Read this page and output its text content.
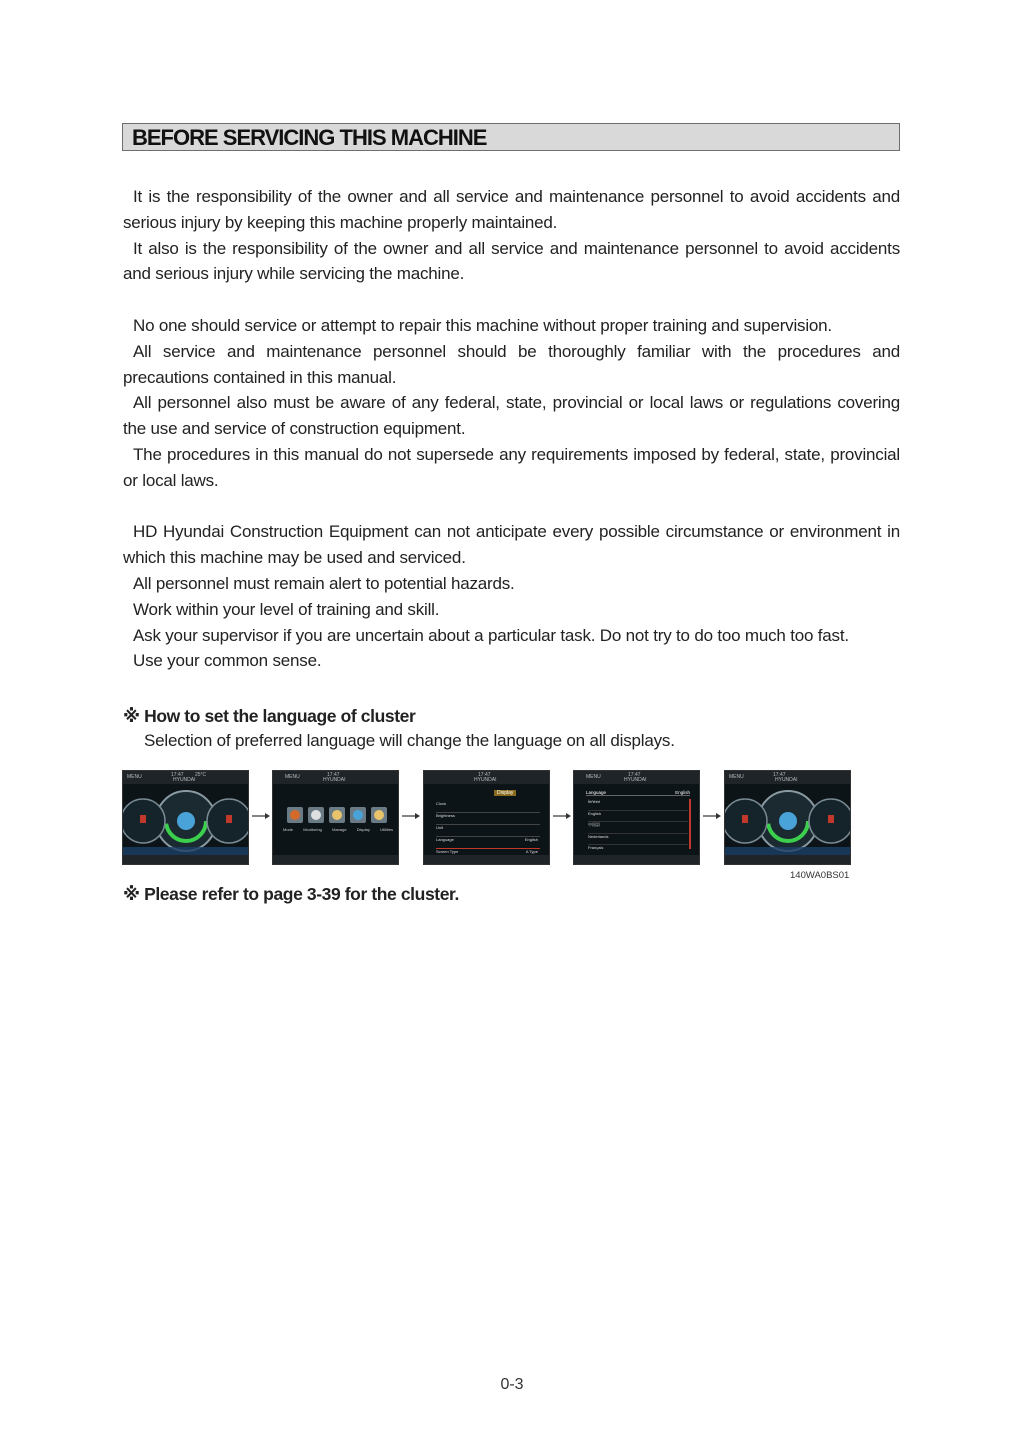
BEFORE SERVICING THIS MACHINE

It is the responsibility of the owner and all service and maintenance personnel to avoid accidents and serious injury by keeping this machine properly maintained.

It also is the responsibility of the owner and all service and maintenance personnel to avoid accidents and serious injury while servicing the machine.

No one should service or attempt to repair this machine without proper training and supervision.

All service and maintenance personnel should be thoroughly familiar with the procedures and precautions contained in this manual.

All personnel also must be aware of any federal, state, provincial or local laws or regulations covering the use and service of construction equipment.

The procedures in this manual do not supersede any requirements imposed by federal, state, provincial or local laws.

HD Hyundai Construction Equipment can not anticipate every possible circumstance or environment in which this machine may be used and serviced.

All personnel must remain alert to potential hazards.

Work within your level of training and skill.

Ask your supervisor if you are uncertain about a particular task. Do not try to do too much too fast.

Use your common sense.

※ How to set the language of cluster
Selection of preferred language will change the language on all displays.
MENU	17:47 25°C
HYUNDAI	MENU	17:47
HYUNDAI
Mode	Monitoring	Manage	Display	Utilities
17:47
HYUNDAI
Display
Clock
Brightness
Unit
Language	English
Screen Type	A Type
MENU	17:47
HYUNDAI
Language	English
Ìëñêèé
English
中国語
Nederlands
Français
MENU	17:47
HYUNDAI
140WA0BS01
※ Please refer to page 3-39 for the cluster.
0-3
